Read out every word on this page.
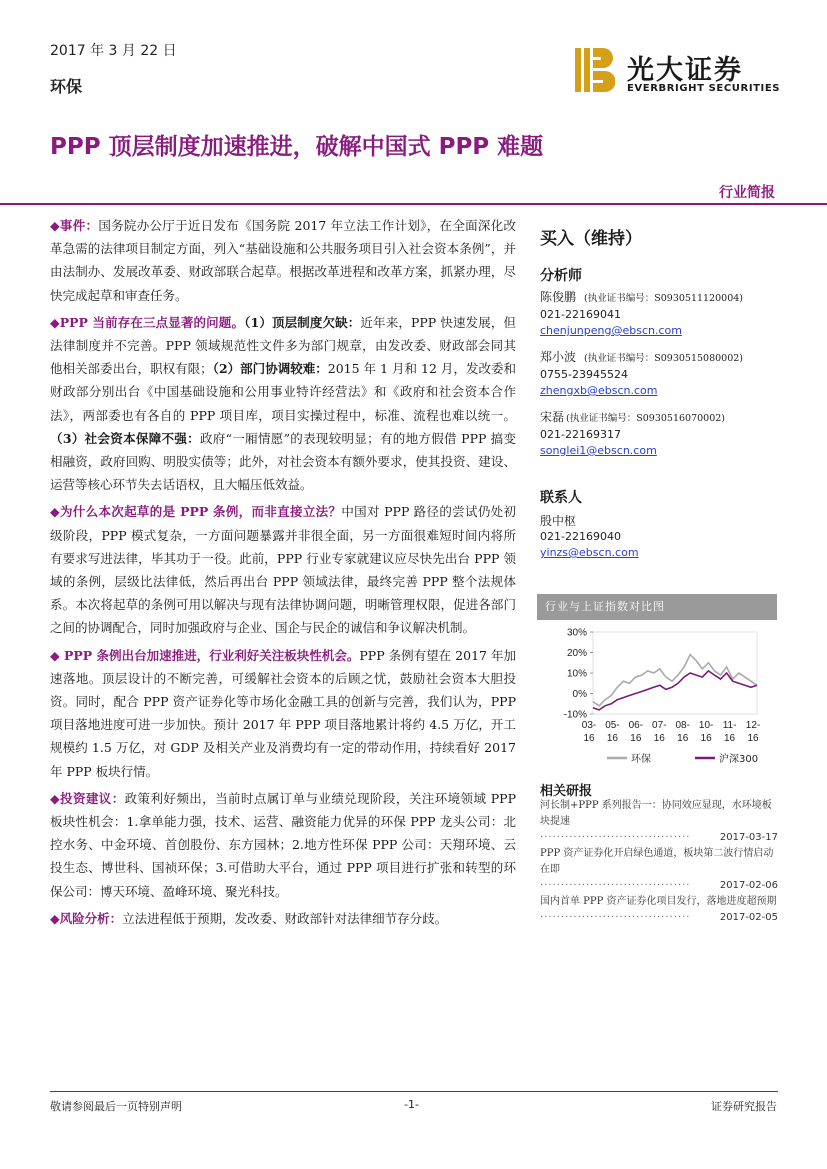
2017 年 3 月 22 日
环保
光大证券
EVERBRIGHT SECURITIES
PPP 顶层制度加速推进，破解中国式 PPP 难题
行业简报

◆事件：国务院办公厅于近日发布《国务院 2017 年立法工作计划》，在全面深化改革急需的法律项目制定方面，列入“基础设施和公共服务项目引入社会资本条例”，并由法制办、发展改革委、财政部联合起草。根据改革进程和改革方案，抓紧办理，尽快完成起草和审查任务。

◆PPP 当前存在三点显著的问题。（1）顶层制度欠缺：近年来，PPP 快速发展，但法律制度并不完善。PPP 领域规范性文件多为部门规章，由发改委、财政部会同其他相关部委出台，职权有限；（2）部门协调较难：2015 年 1 月和 12 月，发改委和财政部分别出台《中国基础设施和公用事业特许经营法》和《政府和社会资本合作法》，两部委也有各自的 PPP 项目库，项目实操过程中，标准、流程也难以统一。（3）社会资本保障不强：政府“一厢情愿”的表现较明显；有的地方假借 PPP 搞变相融资，政府回购、明股实债等；此外，对社会资本有额外要求，使其投资、建设、运营等核心环节失去话语权，且大幅压低效益。

◆为什么本次起草的是 PPP 条例，而非直接立法？中国对 PPP 路径的尝试仍处初级阶段，PPP 模式复杂，一方面问题暴露并非很全面，另一方面很难短时间内将所有要求写进法律，毕其功于一役。此前，PPP 行业专家就建议应尽快先出台 PPP 领域的条例，层级比法律低，然后再出台 PPP 领域法律，最终完善 PPP 整个法规体系。本次将起草的条例可用以解决与现有法律协调问题，明晰管理权限，促进各部门之间的协调配合，同时加强政府与企业、国企与民企的诚信和争议解决机制。

◆ PPP 条例出台加速推进，行业利好关注板块性机会。PPP 条例有望在 2017 年加速落地。顶层设计的不断完善，可缓解社会资本的后顾之忧，鼓励社会资本大胆投资。同时，配合 PPP 资产证券化等市场化金融工具的创新与完善，我们认为，PPP 项目落地进度可进一步加快。预计 2017 年 PPP 项目落地累计将约 4.5 万亿，开工规模约 1.5 万亿，对 GDP 及相关产业及消费均有一定的带动作用，持续看好 2017 年 PPP 板块行情。

◆投资建议：政策利好频出，当前时点属订单与业绩兑现阶段，关注环境领域 PPP 板块性机会：1.拿单能力强，技术、运营、融资能力优异的环保 PPP 龙头公司：北控水务、中金环境、首创股份、东方园林；2.地方性环保 PPP 公司：天翔环境、云投生态、博世科、国祯环保；3.可借助大平台，通过 PPP 项目进行扩张和转型的环保公司：博天环境、盈峰环境、聚光科技。

◆风险分析：立法进程低于预期，发改委、财政部针对法律细节存分歧。

买入（维持）
分析师
陈俊鹏 (执业证书编号：S0930511120004)
021-22169041
chenjunpeng@ebscn.com
郑小波 (执业证书编号：S0930515080002)
0755-23945524
zhengxb@ebscn.com
宋磊 (执业证书编号：S0930516070002)
021-22169317
songlei1@ebscn.com
联系人
殷中枢
021-22169040
yinzs@ebscn.com
行业与上证指数对比图
30%
20%
10%
0%
-10%
03-
16
05-
16
06-
16
07-
16
08-
16
10-
16
11-
16
12-
16
环保	沪深300
相关研报
河长制+PPP 系列报告一：协同效应显现，水环境板块提速
····································	2017-03-17
PPP 资产证券化开启绿色通道，板块第二波行情启动在即
····································	2017-02-06
国内首单 PPP 资产证券化项目发行，落地进度超预期
····································	2017-02-05
敬请参阅最后一页特别声明	-1-	证券研究报告
